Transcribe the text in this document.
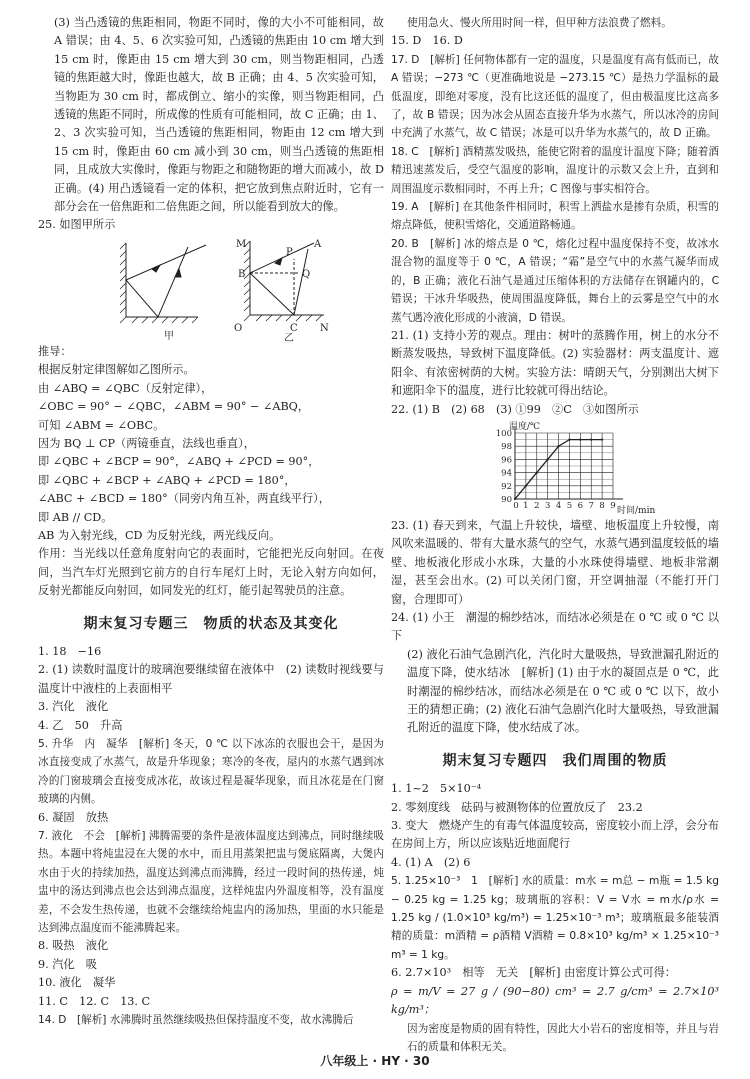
(3) 当凸透镜的焦距相同，物距不同时，像的大小不可能相同，故 A 错误；由 4、5、6 次实验可知，凸透镜的焦距由 10 cm 增大到 15 cm 时，像距由 15 cm 增大到 30 cm，则当物距相同，凸透镜的焦距越大时，像距也越大，故 B 正确；由 4、5 次实验可知，当物距为 30 cm 时，都成倒立、缩小的实像，则当物距相同，凸透镜的焦距不同时，所成像的性质有可能相同，故 C 正确；由 1、2、3 次实验可知，当凸透镜的焦距相同，物距由 12 cm 增大到 15 cm 时，像距由 60 cm 减小到 30 cm，则当凸透镜的焦距相同，且成放大实像时，像距与物距之和随物距的增大而减小，故 D 正确。(4) 用凸透镜看一定的体积，把它放到焦点附近时，它有一部分会在一倍焦距和二倍焦距之间，所以能看到放大的像。

25. 如图甲所示

甲
M
P
B	Q
A
O	C N
乙

推导：

根据反射定律图解如乙图所示。

由 ∠ABQ = ∠QBC（反射定律），

∠OBC = 90° − ∠QBC，∠ABM = 90° − ∠ABQ，

可知 ∠ABM = ∠OBC。

因为 BQ ⊥ CP（两镜垂直，法线也垂直），

即 ∠QBC + ∠BCP = 90°，∠ABQ + ∠PCD = 90°，

即 ∠QBC + ∠BCP + ∠ABQ + ∠PCD = 180°，

∠ABC + ∠BCD = 180°（同旁内角互补，两直线平行），

即 AB // CD。

AB 为入射光线，CD 为反射光线，两光线反向。

作用：当光线以任意角度射向它的表面时，它能把光反向射回。在夜间，当汽车灯光照到它前方的自行车尾灯上时，无论入射方向如何，反射光都能反向射回，如同发光的红灯，能引起驾驶员的注意。

期末复习专题三　物质的状态及其变化

1. 18　−16

2. (1) 读数时温度计的玻璃泡要继续留在液体中　(2) 读数时视线要与温度计中液柱的上表面相平

3. 汽化　液化

4. 乙　50　升高

5. 升华　内　凝华　[解析] 冬天，0 ℃ 以下冰冻的衣服也会干，是因为冰直接变成了水蒸气，故是升华现象；寒冷的冬夜，屋内的水蒸气遇到冰冷的门窗玻璃会直接变成冰花，故该过程是凝华现象，而且冰花是在门窗玻璃的内侧。

6. 凝固　放热

7. 液化　不会　[解析] 沸腾需要的条件是液体温度达到沸点，同时继续吸热。本题中将炖盅浸在大煲的水中，而且用蒸架把盅与煲底隔离，大煲内水由于火的持续加热，温度达到沸点而沸腾，经过一段时间的热传递，炖盅中的汤达到沸点也会达到沸点温度，这样炖盅内外温度相等，没有温度差，不会发生热传递，也就不会继续给炖盅内的汤加热，里面的水只能是达到沸点温度而不能沸腾起来。

8. 吸热　液化

9. 汽化　吸

10. 液化　凝华

11. C　12. C　13. C

14. D　[解析] 水沸腾时虽然继续吸热但保持温度不变，故水沸腾后

使用急火、慢火所用时间一样，但甲种方法浪费了燃料。

15. D　16. D

17. D　[解析] 任何物体都有一定的温度，只是温度有高有低而已，故 A 错误；−273 ℃（更准确地说是 −273.15 ℃）是热力学温标的最低温度，即绝对零度，没有比这还低的温度了，但由极温度比这高多了，故 B 错误；因为冰会从固态直接升华为水蒸气，所以冰冷的房间中充满了水蒸气，故 C 错误；冰是可以升华为水蒸气的，故 D 正确。

18. C　[解析] 酒精蒸发吸热，能使它附着的温度计温度下降；随着酒精迅速蒸发后，受空气温度的影响，温度计的示数又会上升，直到和周围温度示数相同时，不再上升；C 图像与事实相符合。

19. A　[解析] 在其他条件相同时，积雪上洒盐水是掺有杂质，积雪的熔点降低，使积雪熔化，交通道路畅通。

20. B　[解析] 冰的熔点是 0 ℃，熔化过程中温度保持不变，故冰水混合物的温度等于 0 ℃，A 错误；“霜”是空气中的水蒸气凝华而成的，B 正确；液化石油气是通过压缩体积的方法储存在钢罐内的，C 错误；干冰升华吸热，使周围温度降低，舞台上的云雾是空气中的水蒸气遇冷液化形成的小液滴，D 错误。

21. (1) 支持小芳的观点。理由：树叶的蒸腾作用，树上的水分不断蒸发吸热，导致树下温度降低。(2) 实验器材：两支温度计、遮阳伞、有浓密树荫的大树。实验方法：晴朗天气，分别测出大树下和遮阳伞下的温度，进行比较就可得出结论。

22. (1) B　(2) 68　(3) ①99　②C　③如图所示

温度/℃
时间/min
90
92
94
96
98
100
1 2 3 4 5 6 7 8 9
0

23. (1) 春天到来，气温上升较快，墙壁、地板温度上升较慢，南风吹来温暖的、带有大量水蒸气的空气，水蒸气遇到温度较低的墙壁、地板液化形成小水珠，大量的小水珠使得墙壁、地板非常潮湿，甚至会出水。(2) 可以关闭门窗，开空调抽湿（不能打开门窗，合理即可）

24. (1) 小王　潮湿的棉纱结冰，而结冰必须是在 0 ℃ 或 0 ℃ 以下

(2) 液化石油气急剧汽化，汽化时大量吸热，导致泄漏孔附近的温度下降，使水结冰　[解析] (1) 由于水的凝固点是 0 ℃，此时潮湿的棉纱结冰，而结冰必须是在 0 ℃ 或 0 ℃ 以下，故小王的猜想正确；(2) 液化石油气急剧汽化时大量吸热，导致泄漏孔附近的温度下降，使水结成了冰。

期末复习专题四　我们周围的物质

1. 1~2　5×10⁻⁴

2. 零刻度线　砝码与被测物体的位置放反了　23.2

3. 变大　燃烧产生的有毒气体温度较高，密度较小而上浮，会分布在房间上方，所以应该贴近地面爬行

4. (1) A　(2) 6

5. 1.25×10⁻³　1　[解析] 水的质量：m水 = m总 − m瓶 = 1.5 kg − 0.25 kg = 1.25 kg；玻璃瓶的容积：V = V水 = m水/ρ水 = 1.25 kg / (1.0×10³ kg/m³) = 1.25×10⁻³ m³；玻璃瓶最多能装酒精的质量：m酒精 = ρ酒精 V酒精 = 0.8×10³ kg/m³ × 1.25×10⁻³ m³ = 1 kg。

6. 2.7×10³　相等　无关　[解析] 由密度计算公式可得：

ρ = m/V = 27 g / (90−80) cm³ = 2.7 g/cm³ = 2.7×10³ kg/m³；

因为密度是物质的固有特性，因此大小岩石的密度相等，并且与岩石的质量和体积无关。

八年级上 · HY · 30
